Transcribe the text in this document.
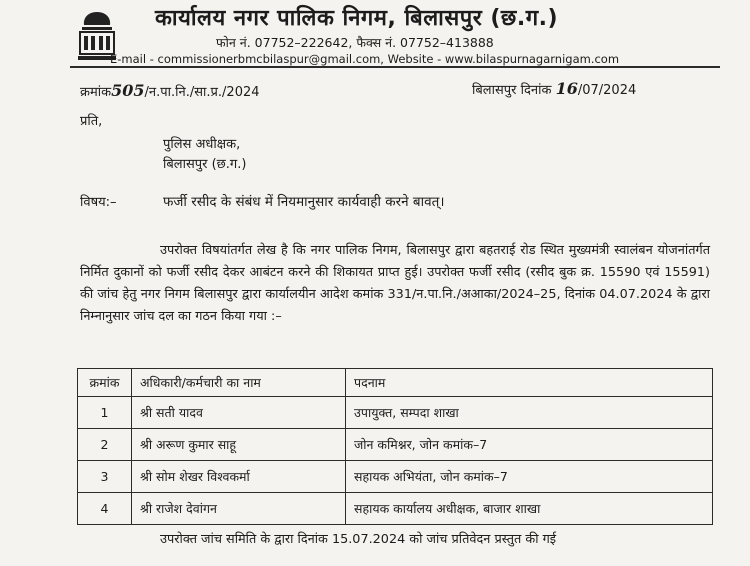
कार्यालय नगर पालिक निगम, बिलासपुर (छ.ग.)
फोन नं. 07752–222642, फैक्स नं. 07752–413888
E-mail - commissionerbmcbilaspur@gmail.com, Website - www.bilaspurnagarnigam.com
क्रमांक505/न.पा.नि./सा.प्र./2024	बिलासपुर दिनांक 16/07/2024
प्रति,
पुलिस अधीक्षक,
बिलासपुर (छ.ग.)
विषय:–	फर्जी रसीद के संबंध में नियमानुसार कार्यवाही करने बावत्।
उपरोक्त विषयांतर्गत लेख है कि नगर पालिक निगम, बिलासपुर द्वारा बहतराई रोड स्थित मुख्यमंत्री स्वालंबन योजनांतर्गत निर्मित दुकानों को फर्जी रसीद देकर आबंटन करने की शिकायत प्राप्त हुई। उपरोक्त फर्जी रसीद (रसीद बुक क्र. 15590 एवं 15591) की जांच हेतु नगर निगम बिलासपुर द्वारा कार्यालयीन आदेश कमांक 331/न.पा.नि./अआका/2024–25, दिनांक 04.07.2024 के द्वारा निम्नानुसार जांच दल का गठन किया गया :–
क्रमांक	अधिकारी/कर्मचारी का नाम	पदनाम
1	श्री सती यादव	उपायुक्त, सम्पदा शाखा
2	श्री अरूण कुमार साहू	जोन कमिश्नर, जोन कमांक–7
3	श्री सोम शेखर विश्वकर्मा	सहायक अभियंता, जोन कमांक–7
4	श्री राजेश देवांगन	सहायक कार्यालय अधीक्षक, बाजार शाखा
उपरोक्त जांच समिति के द्वारा दिनांक 15.07.2024 को जांच प्रतिवेदन प्रस्तुत की गई
